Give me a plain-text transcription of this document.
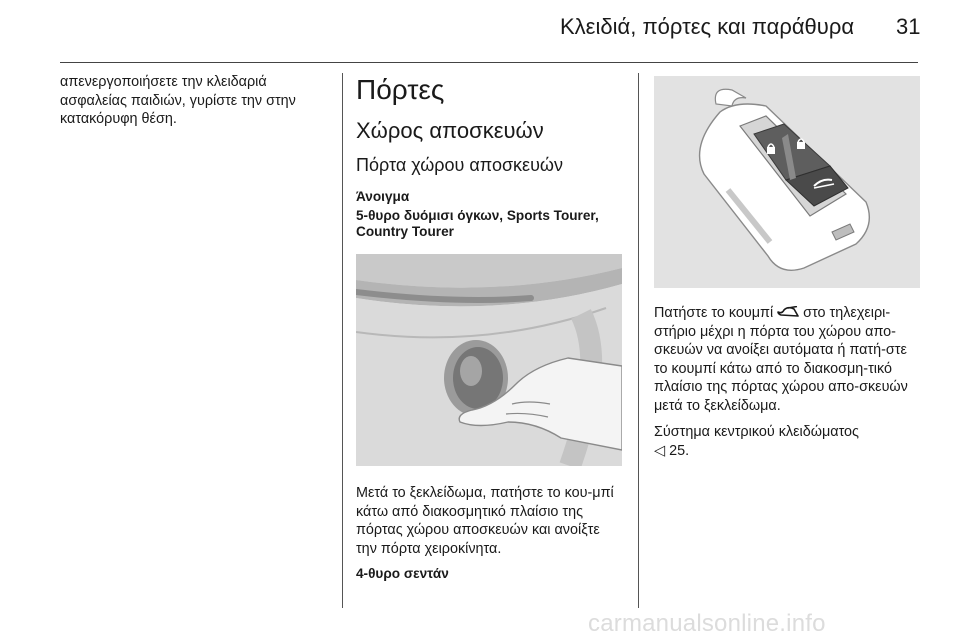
Κλειδιά, πόρτες και παράθυρα 31

απενεργοποιήσετε την κλειδαριά ασφαλείας παιδιών, γυρίστε την στην κατακόρυφη θέση.

Πόρτες
Χώρος αποσκευών
Πόρτα χώρου αποσκευών
Άνοιγμα
5-θυρο δυόμισι όγκων, Sports Tourer, Country Tourer

Μετά το ξεκλείδωμα, πατήστε το κου-μπί κάτω από διακοσμητικό πλαίσιο της πόρτας χώρου αποσκευών και ανοίξτε την πόρτα χειροκίνητα.

4-θυρο σεντάν

Πατήστε το κουμπί  στο τηλεχειρι-στήριο μέχρι η πόρτα του χώρου απο-σκευών να ανοίξει αυτόματα ή πατή-στε το κουμπί κάτω από το διακοσμη-τικό πλαίσιο της πόρτας χώρου απο-σκευών μετά το ξεκλείδωμα.

Σύστημα κεντρικού κλειδώματος
◁ 25.

carmanualsonline.info
